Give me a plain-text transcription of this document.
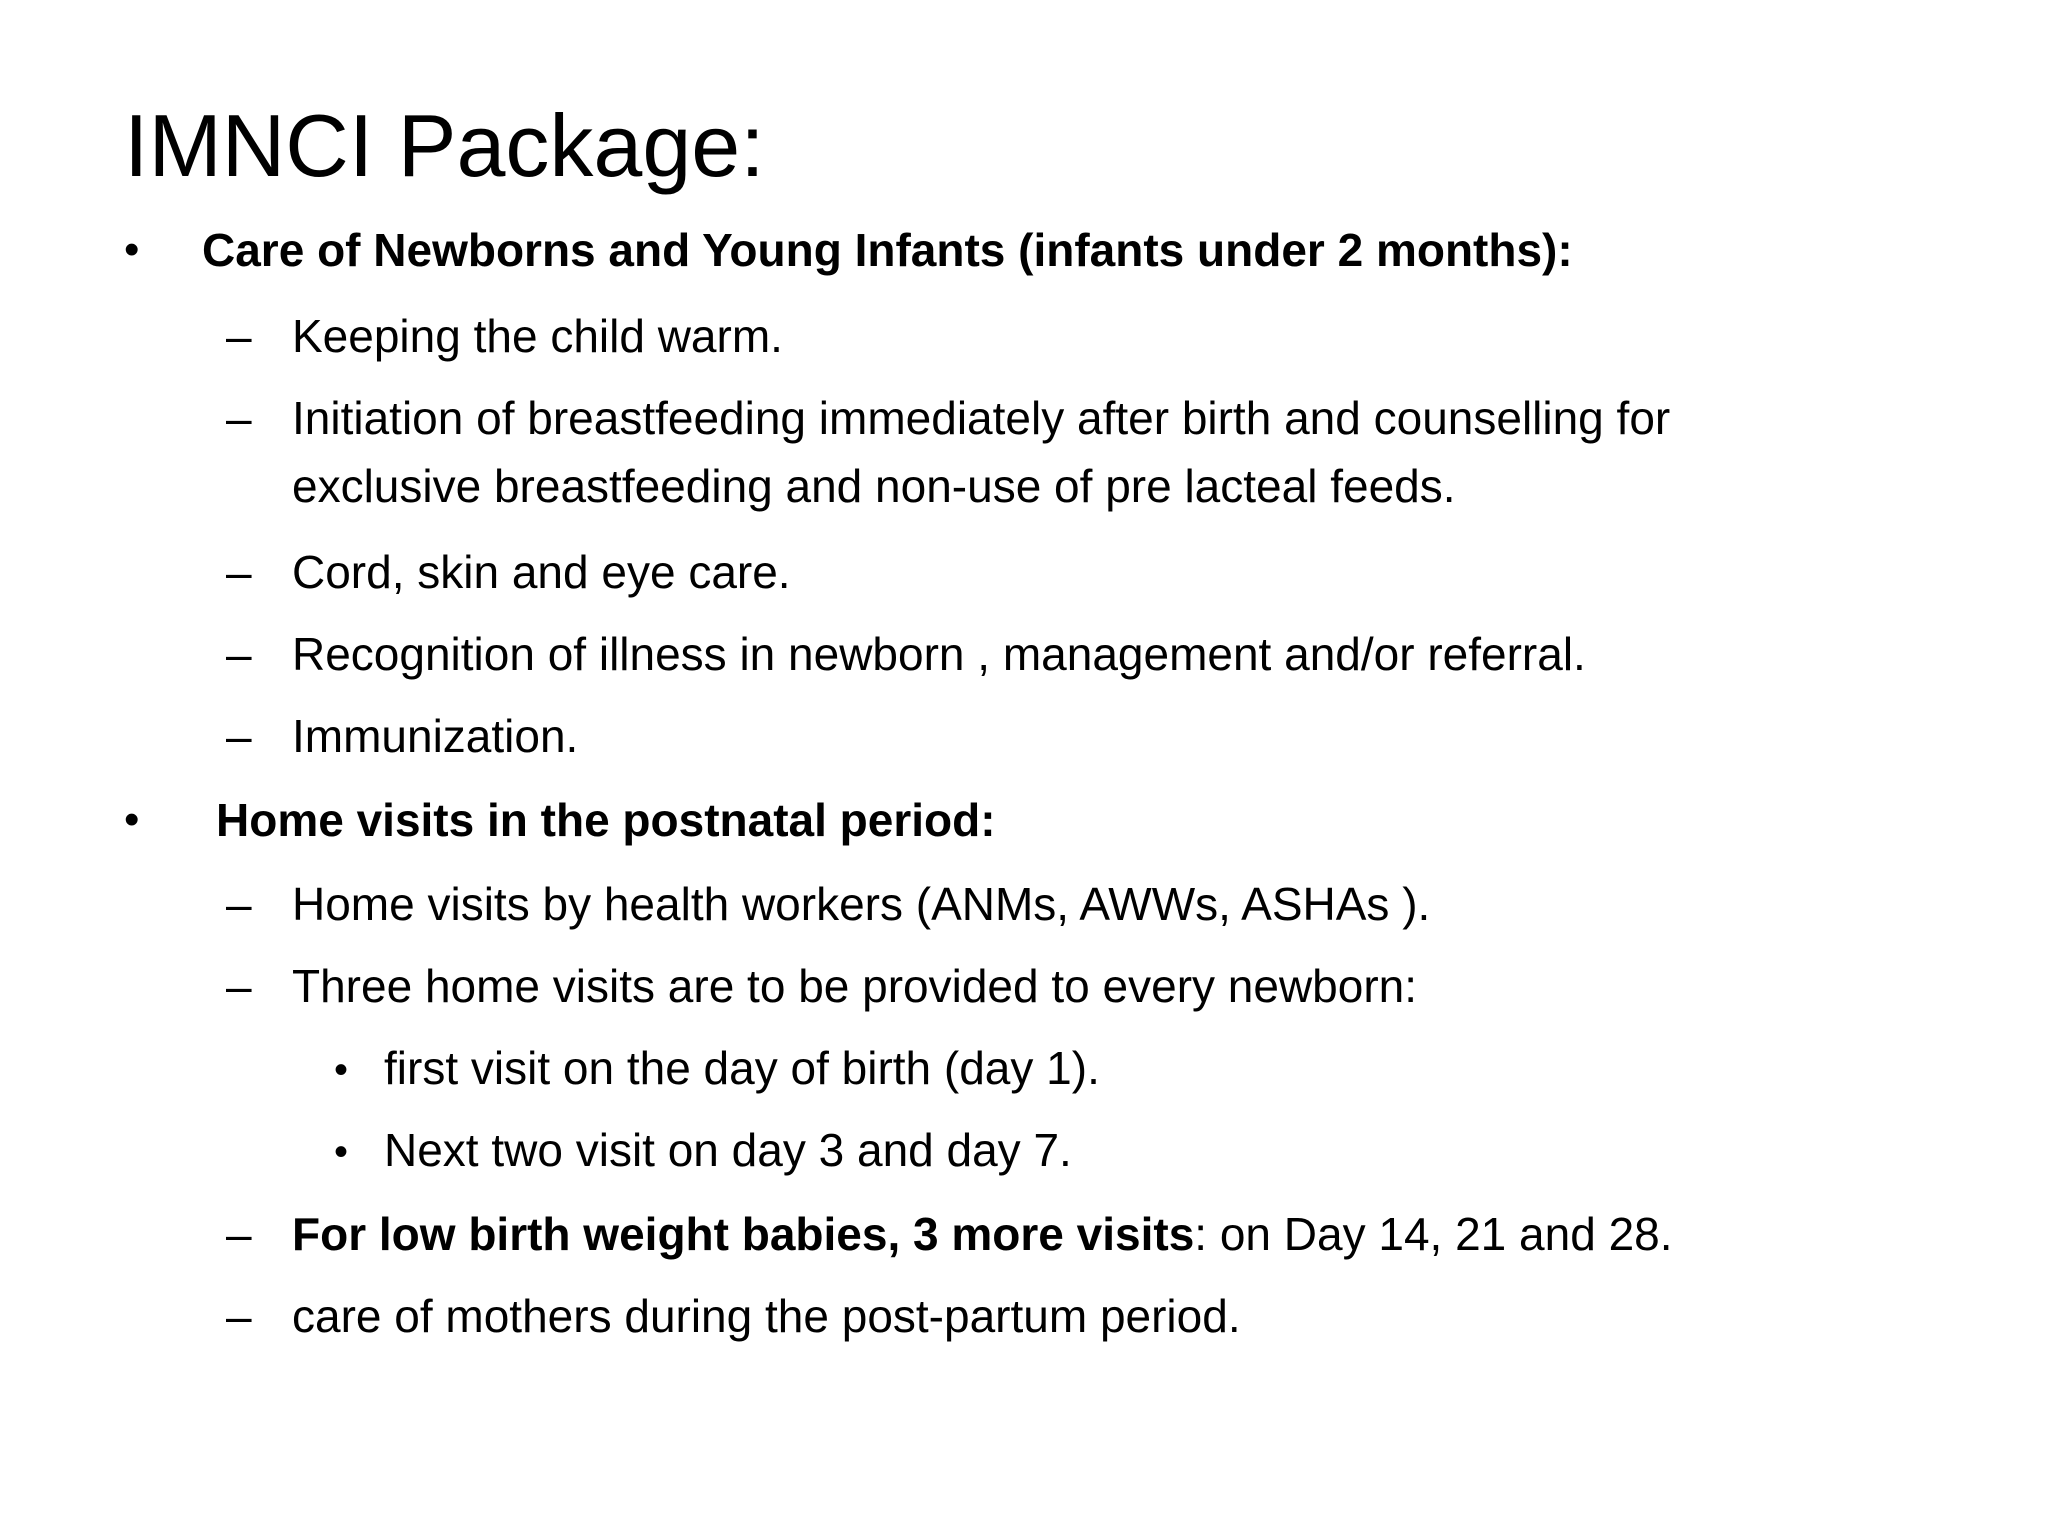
IMNCI Package:
• Care of Newborns and Young Infants (infants under 2 months):
– Keeping the child warm.
– Initiation of breastfeeding immediately after birth and counselling for
exclusive breastfeeding and non-use of pre lacteal feeds.
– Cord, skin and eye care.
– Recognition of illness in newborn , management and/or referral.
– Immunization.
• Home visits in the postnatal period:
– Home visits by health workers (ANMs, AWWs, ASHAs ).
– Three home visits are to be provided to every newborn:
• first visit on the day of birth (day 1).
• Next two visit on day 3 and day 7.
– For low birth weight babies, 3 more visits: on Day 14, 21 and 28.
– care of mothers during the post-partum period.
